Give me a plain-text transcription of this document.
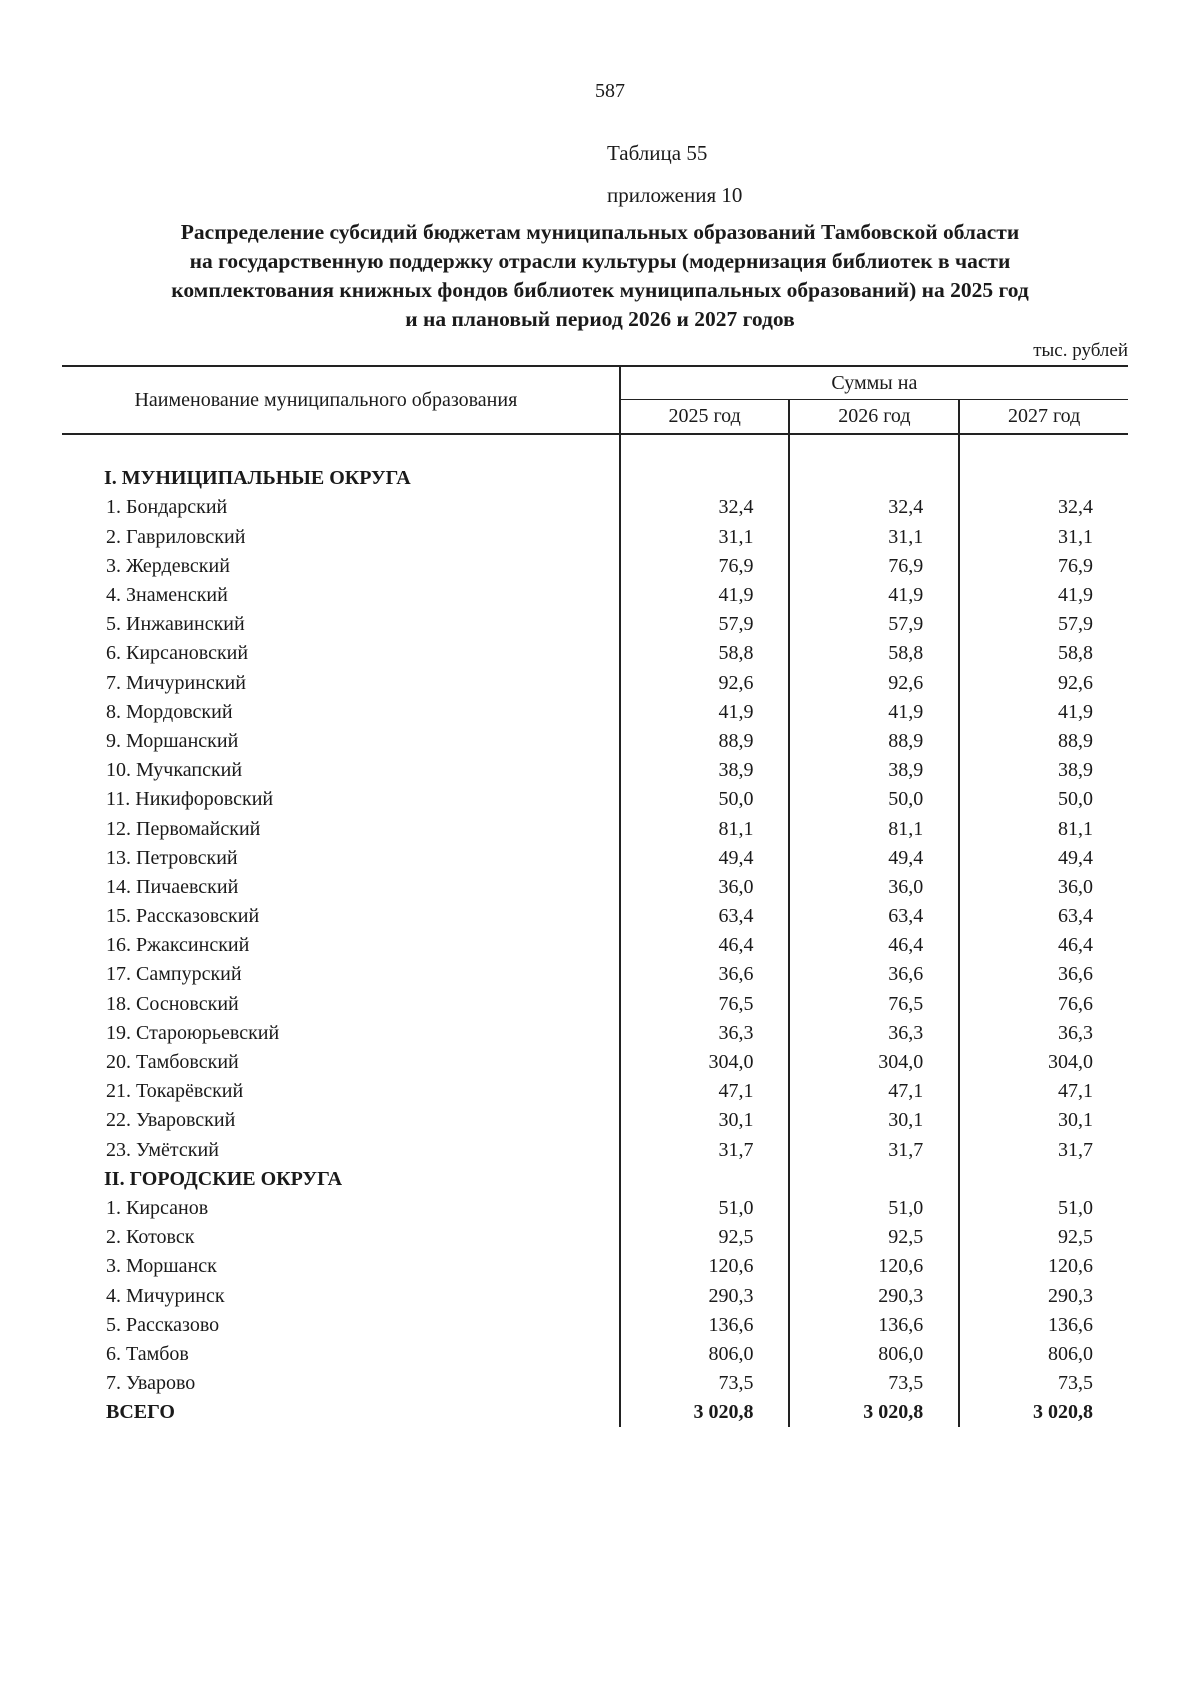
587
Таблица 55
приложения 10
Распределение субсидий бюджетам муниципальных образований Тамбовской области
на государственную поддержку отрасли культуры (модернизация библиотек в части
комплектования книжных фондов библиотек муниципальных образований) на 2025 год
и на плановый период 2026 и 2027 годов
тыс. рублей
Наименование муниципального образования	Суммы на		
	2025 год	2026 год	2027 год

I. МУНИЦИПАЛЬНЫЕ ОКРУГА			
1. Бондарский	32,4	32,4	32,4
2. Гавриловский	31,1	31,1	31,1
3. Жердевский	76,9	76,9	76,9
4. Знаменский	41,9	41,9	41,9
5. Инжавинский	57,9	57,9	57,9
6. Кирсановский	58,8	58,8	58,8
7. Мичуринский	92,6	92,6	92,6
8. Мордовский	41,9	41,9	41,9
9. Моршанский	88,9	88,9	88,9
10. Мучкапский	38,9	38,9	38,9
11. Никифоровский	50,0	50,0	50,0
12. Первомайский	81,1	81,1	81,1
13. Петровский	49,4	49,4	49,4
14. Пичаевский	36,0	36,0	36,0
15. Рассказовский	63,4	63,4	63,4
16. Ржаксинский	46,4	46,4	46,4
17. Сампурский	36,6	36,6	36,6
18. Сосновский	76,5	76,5	76,6
19. Староюрьевский	36,3	36,3	36,3
20. Тамбовский	304,0	304,0	304,0
21. Токарёвский	47,1	47,1	47,1
22. Уваровский	30,1	30,1	30,1
23. Умётский	31,7	31,7	31,7
II. ГОРОДСКИЕ ОКРУГА			
1. Кирсанов	51,0	51,0	51,0
2. Котовск	92,5	92,5	92,5
3. Моршанск	120,6	120,6	120,6
4. Мичуринск	290,3	290,3	290,3
5. Рассказово	136,6	136,6	136,6
6. Тамбов	806,0	806,0	806,0
7. Уварово	73,5	73,5	73,5
ВСЕГО	3 020,8	3 020,8	3 020,8
